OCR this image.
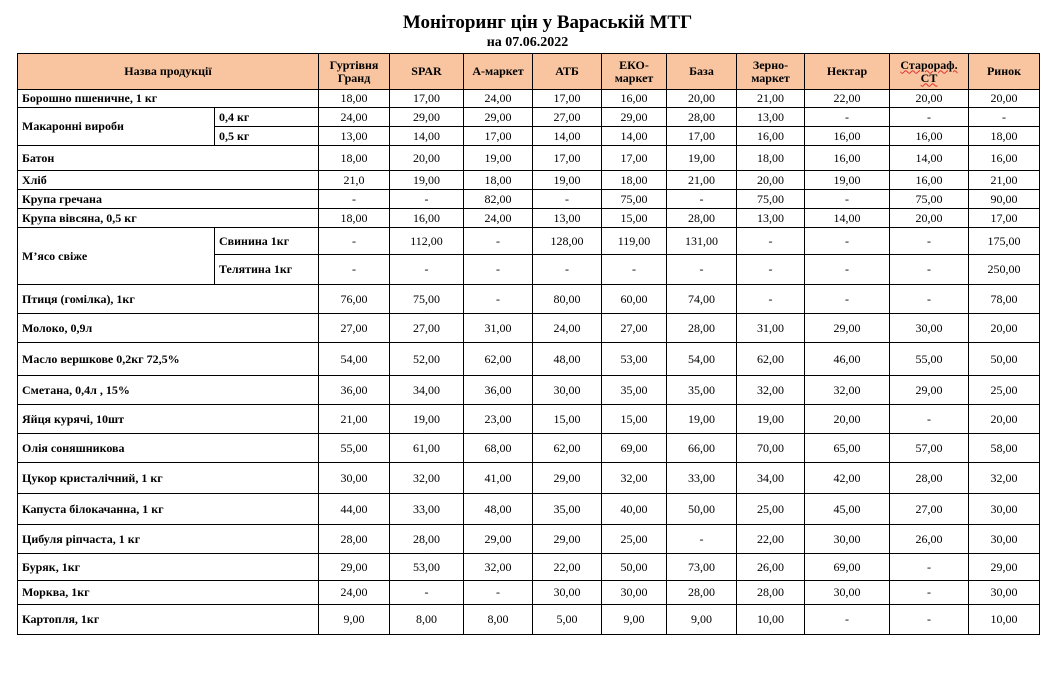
Моніторинг цін у Вараській МТГ
на 07.06.2022
Назва продукції		Гуртівня Гранд	SPAR	А-маркет	АТБ	ЕКО-маркет	База	Зерно-маркет	Нектар	Старораф. СТ	Ринок
Борошно пшеничне, 1 кг		18,00	17,00	24,00	17,00	16,00	20,00	21,00	22,00	20,00	20,00
Макаронні вироби	0,4 кг	24,00	29,00	29,00	27,00	29,00	28,00	13,00	-	-	-
	0,5 кг	13,00	14,00	17,00	14,00	14,00	17,00	16,00	16,00	16,00	18,00
Батон		18,00	20,00	19,00	17,00	17,00	19,00	18,00	16,00	14,00	16,00
Хліб		21,0	19,00	18,00	19,00	18,00	21,00	20,00	19,00	16,00	21,00
Крупа гречана		-	-	82,00	-	75,00	-	75,00	-	75,00	90,00
Крупа вівсяна, 0,5 кг		18,00	16,00	24,00	13,00	15,00	28,00	13,00	14,00	20,00	17,00
М’ясо свіже	Свинина 1кг	-	112,00	-	128,00	119,00	131,00	-	-	-	175,00
	Телятина 1кг	-	-	-	-	-	-	-	-	-	250,00
Птиця (гомілка), 1кг		76,00	75,00	-	80,00	60,00	74,00	-	-	-	78,00
Молоко, 0,9л		27,00	27,00	31,00	24,00	27,00	28,00	31,00	29,00	30,00	20,00
Масло вершкове 0,2кг 72,5%		54,00	52,00	62,00	48,00	53,00	54,00	62,00	46,00	55,00	50,00
Сметана, 0,4л , 15%		36,00	34,00	36,00	30,00	35,00	35,00	32,00	32,00	29,00	25,00
Яйця курячі, 10шт		21,00	19,00	23,00	15,00	15,00	19,00	19,00	20,00	-	20,00
Олія соняшникова		55,00	61,00	68,00	62,00	69,00	66,00	70,00	65,00	57,00	58,00
Цукор кристалічний, 1 кг		30,00	32,00	41,00	29,00	32,00	33,00	34,00	42,00	28,00	32,00
Капуста білокачанна, 1 кг		44,00	33,00	48,00	35,00	40,00	50,00	25,00	45,00	27,00	30,00
Цибуля ріпчаста, 1 кг		28,00	28,00	29,00	29,00	25,00	-	22,00	30,00	26,00	30,00
Буряк, 1кг		29,00	53,00	32,00	22,00	50,00	73,00	26,00	69,00	-	29,00
Морква, 1кг		24,00	-	-	30,00	30,00	28,00	28,00	30,00	-	30,00
Картопля, 1кг		9,00	8,00	8,00	5,00	9,00	9,00	10,00	-	-	10,00
